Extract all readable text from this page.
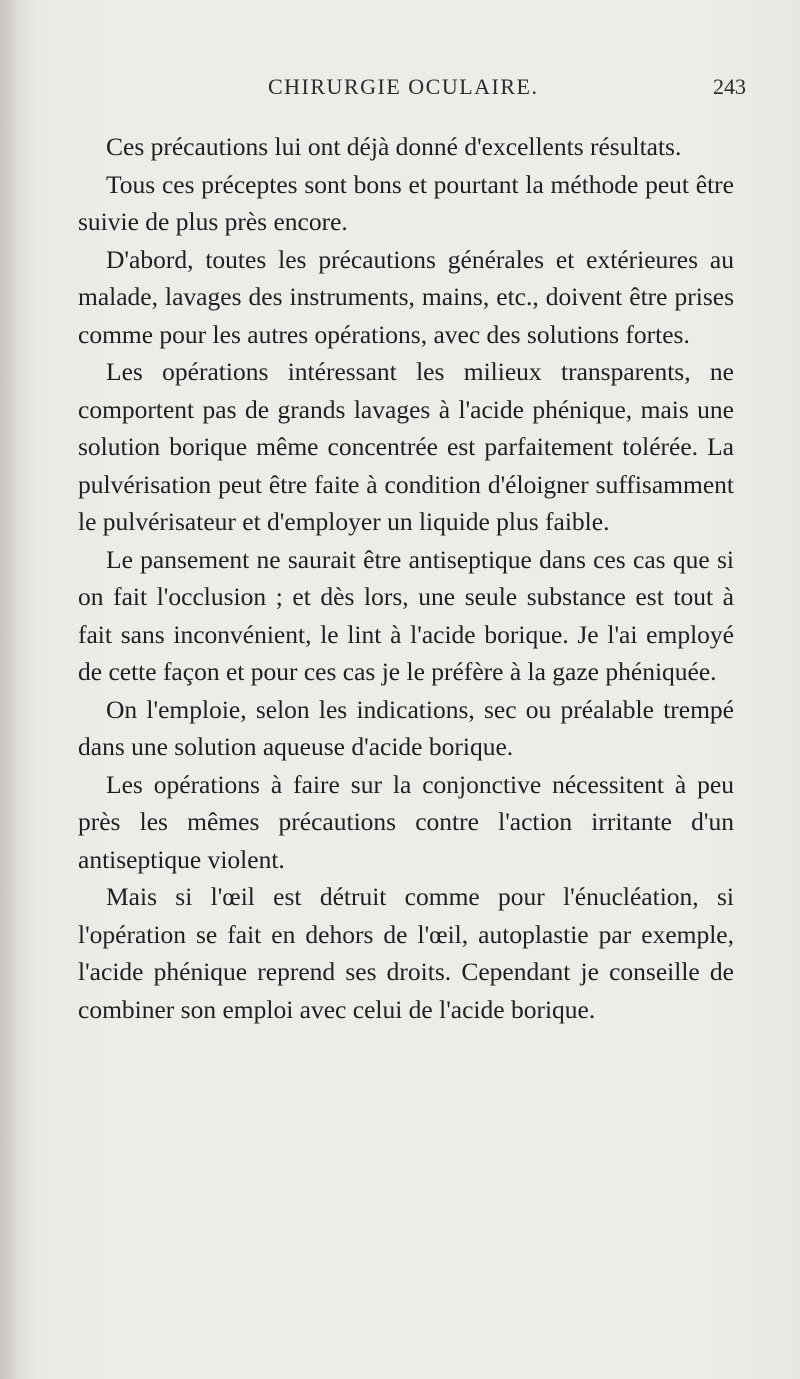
CHIRURGIE OCULAIRE.	243

Ces précautions lui ont déjà donné d'excellents résultats.

Tous ces préceptes sont bons et pourtant la méthode peut être suivie de plus près encore.

D'abord, toutes les précautions générales et extérieures au malade, lavages des instruments, mains, etc., doivent être prises comme pour les autres opérations, avec des solutions fortes.

Les opérations intéressant les milieux transparents, ne comportent pas de grands lavages à l'acide phénique, mais une solution borique même concentrée est parfaitement tolérée. La pulvérisation peut être faite à condition d'éloigner suffisamment le pulvérisateur et d'employer un liquide plus faible.

Le pansement ne saurait être antiseptique dans ces cas que si on fait l'occlusion ; et dès lors, une seule substance est tout à fait sans inconvénient, le lint à l'acide borique. Je l'ai employé de cette façon et pour ces cas je le préfère à la gaze phéniquée.

On l'emploie, selon les indications, sec ou préalable trempé dans une solution aqueuse d'acide borique.

Les opérations à faire sur la conjonctive nécessitent à peu près les mêmes précautions contre l'action irritante d'un antiseptique violent.

Mais si l'œil est détruit comme pour l'énucléation, si l'opération se fait en dehors de l'œil, autoplastie par exemple, l'acide phénique reprend ses droits. Cependant je conseille de combiner son emploi avec celui de l'acide borique.
